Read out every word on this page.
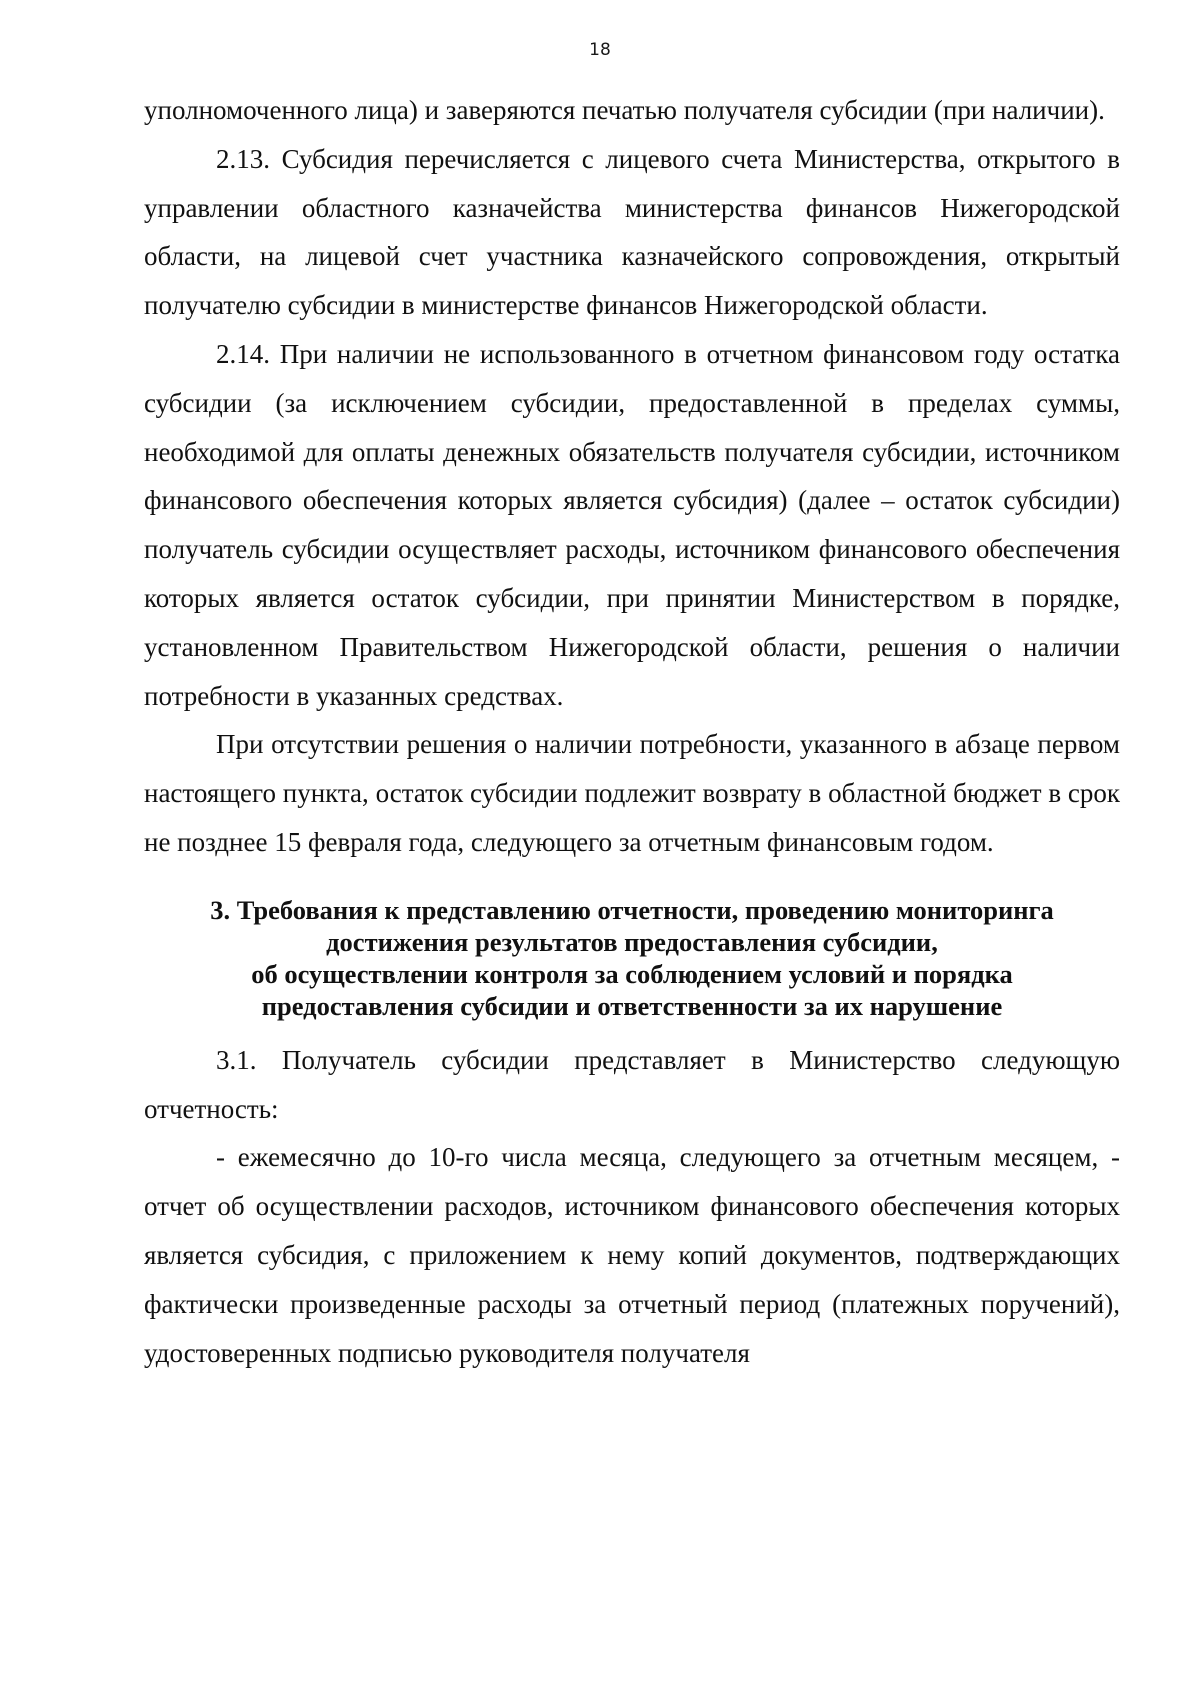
18

уполномоченного лица) и заверяются печатью получателя субсидии (при наличии).

2.13. Субсидия перечисляется с лицевого счета Министерства, открытого в управлении областного казначейства министерства финансов Нижегородской области, на лицевой счет участника казначейского сопровождения, открытый получателю субсидии в министерстве финансов Нижегородской области.

2.14. При наличии не использованного в отчетном финансовом году остатка субсидии (за исключением субсидии, предоставленной в пределах суммы, необходимой для оплаты денежных обязательств получателя субсидии, источником финансового обеспечения которых является субсидия) (далее – остаток субсидии) получатель субсидии осуществляет расходы, источником финансового обеспечения которых является остаток субсидии, при принятии Министерством в порядке, установленном Правительством Нижегородской области, решения о наличии потребности в указанных средствах.

При отсутствии решения о наличии потребности, указанного в абзаце первом настоящего пункта, остаток субсидии подлежит возврату в областной бюджет в срок не позднее 15 февраля года, следующего за отчетным финансовым годом.

3. Требования к представлению отчетности, проведению мониторинга
достижения результатов предоставления субсидии,
об осуществлении контроля за соблюдением условий и порядка
предоставления субсидии и ответственности за их нарушение

3.1. Получатель субсидии представляет в Министерство следующую отчетность:

- ежемесячно до 10-го числа месяца, следующего за отчетным месяцем, - отчет об осуществлении расходов, источником финансового обеспечения которых является субсидия, с приложением к нему копий документов, подтверждающих фактически произведенные расходы за отчетный период (платежных поручений), удостоверенных подписью руководителя получателя
